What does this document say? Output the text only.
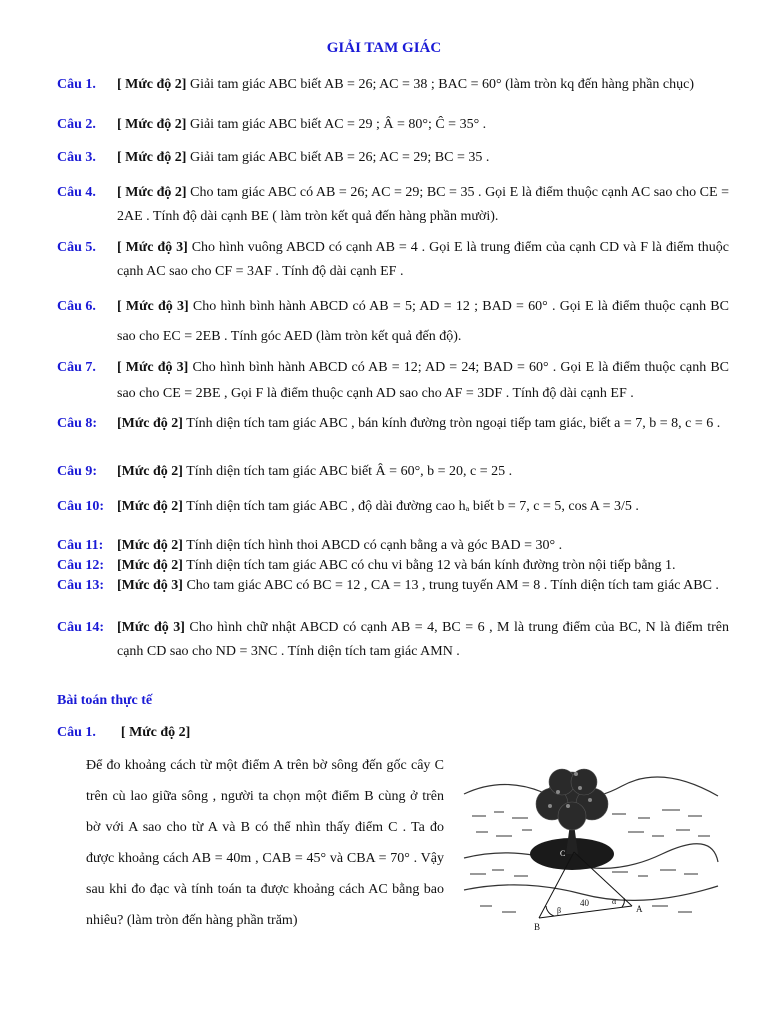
GIẢI TAM GIÁC
Câu 1. [ Mức độ 2] Giải tam giác ABC biết AB = 26; AC = 38 ; BAC = 60° (làm tròn kq đến hàng phần chục)
Câu 2. [ Mức độ 2] Giải tam giác ABC biết AC = 29 ; Â = 80°; Ĉ = 35° .
Câu 3. [ Mức độ 2] Giải tam giác ABC biết AB = 26; AC = 29; BC = 35 .
Câu 4. [ Mức độ 2] Cho tam giác ABC có AB = 26; AC = 29; BC = 35 . Gọi E là điểm thuộc cạnh AC sao cho CE = 2AE . Tính độ dài cạnh BE ( làm tròn kết quả đến hàng phần mười).
Câu 5. [ Mức độ 3] Cho hình vuông ABCD có cạnh AB = 4 . Gọi E là trung điểm của cạnh CD và F là điểm thuộc cạnh AC sao cho CF = 3AF . Tính độ dài cạnh EF .
Câu 6. [ Mức độ 3] Cho hình bình hành ABCD có AB = 5; AD = 12 ; BAD = 60° . Gọi E là điểm thuộc cạnh BC sao cho EC = 2EB . Tính góc AED (làm tròn kết quả đến độ).
Câu 7. [ Mức độ 3] Cho hình bình hành ABCD có AB = 12; AD = 24; BAD = 60° . Gọi E là điểm thuộc cạnh BC sao cho CE = 2BE , Gọi F là điểm thuộc cạnh AD sao cho AF = 3DF . Tính độ dài cạnh EF .
Câu 8: [Mức độ 2] Tính diện tích tam giác ABC , bán kính đường tròn ngoại tiếp tam giác, biết a = 7, b = 8, c = 6 .
Câu 9: [Mức độ 2] Tính diện tích tam giác ABC biết Â = 60°, b = 20, c = 25 .
Câu 10: [Mức độ 2] Tính diện tích tam giác ABC , độ dài đường cao hₐ biết b = 7, c = 5, cos A = 3/5 .
Câu 11: [Mức độ 2] Tính diện tích hình thoi ABCD có cạnh bằng a và góc BAD = 30° .
Câu 12: [Mức độ 2] Tính diện tích tam giác ABC có chu vi bằng 12 và bán kính đường tròn nội tiếp bằng 1.
Câu 13: [Mức độ 3] Cho tam giác ABC có BC = 12 , CA = 13 , trung tuyến AM = 8 . Tính diện tích tam giác ABC .
Câu 14: [Mức độ 3] Cho hình chữ nhật ABCD có cạnh AB = 4, BC = 6 , M là trung điểm của BC, N là điểm trên cạnh CD sao cho ND = 3NC . Tính diện tích tam giác AMN .
Bài toán thực tế
Câu 1. [ Mức độ 2]
Để đo khoảng cách từ một điểm A trên bờ sông đến gốc cây C trên cù lao giữa sông , người ta chọn một điểm B cùng ở trên bờ với A sao cho từ A và B có thể nhìn thấy điểm C . Ta đo được khoảng cách AB = 40m , CAB = 45° và CBA = 70° . Vậy sau khi đo đạc và tính toán ta được khoảng cách AC bằng bao nhiêu? (làm tròn đến hàng phần trăm)
C
40
β
α
A
B
